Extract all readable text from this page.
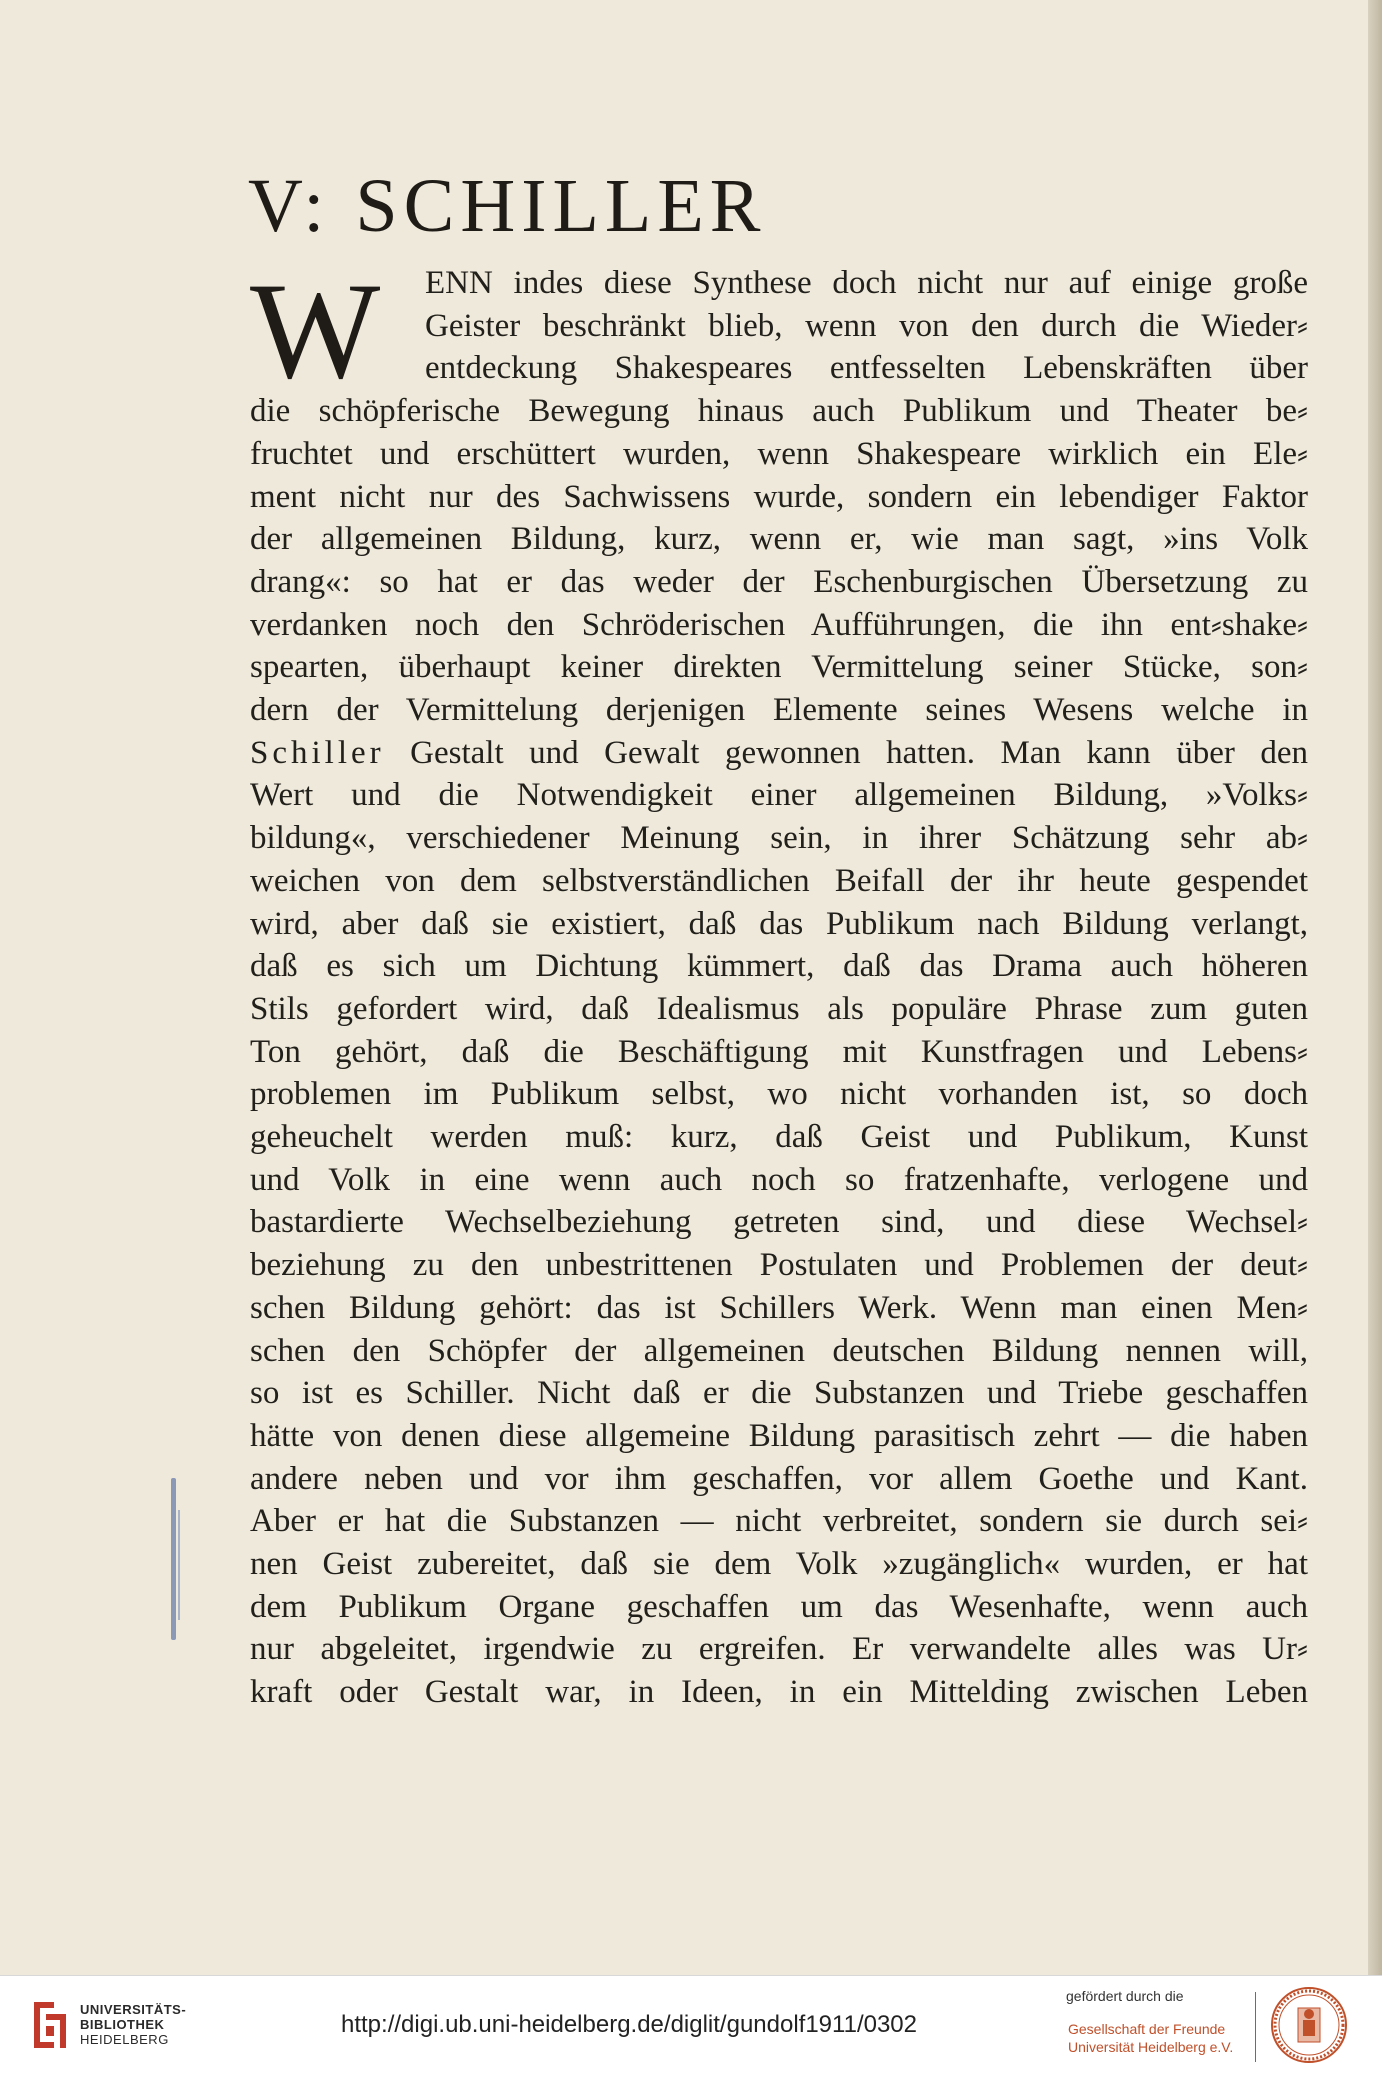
V: SCHILLER
W ENN indes diese Synthese doch nicht nur auf einige große
Geister beschränkt blieb, wenn von den durch die Wieder⸗
entdeckung Shakespeares entfesselten Lebenskräften über
die schöpferische Bewegung hinaus auch Publikum und Theater be⸗
fruchtet und erschüttert wurden, wenn Shakespeare wirklich ein Ele⸗
ment nicht nur des Sachwissens wurde, sondern ein lebendiger Faktor
der allgemeinen Bildung, kurz, wenn er, wie man sagt, »ins Volk
drang«: so hat er das weder der Eschenburgischen Übersetzung zu
verdanken noch den Schröderischen Aufführungen, die ihn ent⸗shake⸗
spearten, überhaupt keiner direkten Vermittelung seiner Stücke, son⸗
dern der Vermittelung derjenigen Elemente seines Wesens welche in
Schiller Gestalt und Gewalt gewonnen hatten. Man kann über den
Wert und die Notwendigkeit einer allgemeinen Bildung, »Volks⸗
bildung«, verschiedener Meinung sein, in ihrer Schätzung sehr ab⸗
weichen von dem selbstverständlichen Beifall der ihr heute gespendet
wird, aber daß sie existiert, daß das Publikum nach Bildung verlangt,
daß es sich um Dichtung kümmert, daß das Drama auch höheren
Stils gefordert wird, daß Idealismus als populäre Phrase zum guten
Ton gehört, daß die Beschäftigung mit Kunstfragen und Lebens⸗
problemen im Publikum selbst, wo nicht vorhanden ist, so doch
geheuchelt werden muß: kurz, daß Geist und Publikum, Kunst
und Volk in eine wenn auch noch so fratzenhafte, verlogene und
bastardierte Wechselbeziehung getreten sind, und diese Wechsel⸗
beziehung zu den unbestrittenen Postulaten und Problemen der deut⸗
schen Bildung gehört: das ist Schillers Werk. Wenn man einen Men⸗
schen den Schöpfer der allgemeinen deutschen Bildung nennen will,
so ist es Schiller. Nicht daß er die Substanzen und Triebe geschaffen
hätte von denen diese allgemeine Bildung parasitisch zehrt — die haben
andere neben und vor ihm geschaffen, vor allem Goethe und Kant.
Aber er hat die Substanzen — nicht verbreitet, sondern sie durch sei⸗
nen Geist zubereitet, daß sie dem Volk »zugänglich« wurden, er hat
dem Publikum Organe geschaffen um das Wesenhafte, wenn auch
nur abgeleitet, irgendwie zu ergreifen. Er verwandelte alles was Ur⸗
kraft oder Gestalt war, in Ideen, in ein Mittelding zwischen Leben
UNIVERSITÄTS-
BIBLIOTHEK
HEIDELBERG
http://digi.ub.uni-heidelberg.de/diglit/gundolf1911/0302
gefördert durch die
Gesellschaft der Freunde
Universität Heidelberg e.V.
